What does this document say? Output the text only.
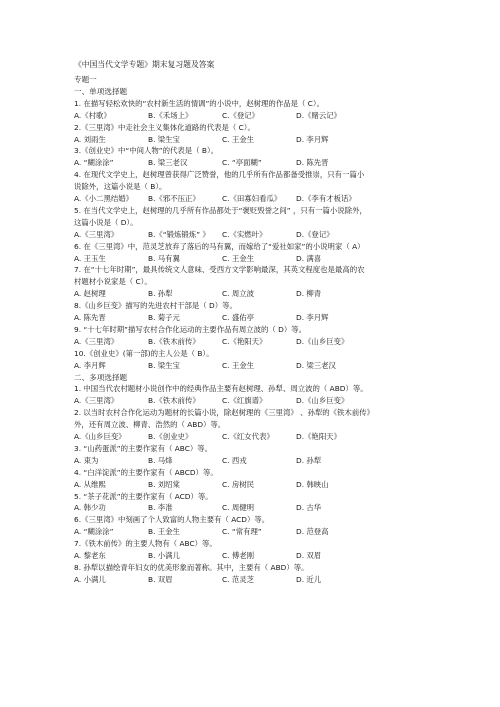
《中国当代文学专题》期末复习题及答案
专题一
一、单项选择题
1. 在描写轻松欢快的“农村新生活的情调”的小说中，赵树理的作品是（ C）。
A.《村歌》	B.《禾场上》	C.《登记》	D.《赌云记》
2.《三里湾》中走社会主义集体化道路的代表是（ C）。
A. 刘雨生	B. 梁生宝	C. 王金生	D. 李月辉
3.《创业史》中“中间人物”的代表是（ B）。
A. “糊涂涂”	B. 梁三老汉	C. “亭面糊”	D. 陈先晋
4. 在现代文学史上，赵树理曾获得广泛赞誉，他的几乎所有作品都备受推崇，只有一篇小
说除外，这篇小说是（ B）。
A.《小二黑结婚》 B.《邪不压正》	C.《田寡妇看瓜》 D.《李有才板话》
5. 在当代文学史上，赵树理的几乎所有作品都处于“褒贬毁誉之间” ，只有一篇小说除外，
这篇小说是（ D）。
A.《三里湾》	B.《“锻炼锻炼” 》 C.《实燃叶》	D.《登记》
6. 在《三里湾》中，范灵芝放弃了落后的马有翼，而嫁给了“爱社如家”的小说明家（ A）
A. 王玉生	B. 马有翼	C. 王金生	D. 满喜
7. 在“十七年时期”，最具传统文人意味、受西方文学影响最深，其英文程度也是最高的农
村题材小说家是（ C）。
A. 赵树理	B. 孙犁	C. 周立波	D. 柳青
8.《山乡巨变》描写的先进农村干部是（ D）等。
A. 陈先晋	B. 菊子元	C. 盛佑亭	D. 李月辉
9. “十七年时期”描写农村合作化运动的主要作品有周立波的（ D）等。
A.《三里湾》	B.《铁木前传》	C.《艳阳天》	D.《山乡巨变》
10.《创业史》(第一部)的主人公是（ B）。
A. 李月辉	B. 梁生宝	C. 王金生	D. 梁三老汉
二、多项选择题
1. 中国当代农村题材小说创作中的经典作品主要有赵树理、孙犁、周立波的（ ABD）等。
A.《三里湾》	B.《铁木前传》	C.《红旗谱》	D.《山乡巨变》
2. 以当时农村合作化运动为题材的长篇小说，除赵树理的《三里湾》 、孙犁的《铁木前传》
外，还有周立波、柳青、浩然的（ ABD）等。
A.《山乡巨变》	B.《创业史》	C.《红女代表》	D.《艳阳天》
3. “山药蛋派”的主要作家有（ ABC）等。
A. 束为	B. 马烽	C. 西戎	D. 孙犁
4. “白洋淀派”的主要作家有（ ABCD）等。
A. 从维熙	B. 刘绍棠	C. 房树民	D. 韩映山
5. “茶子花派”的主要作家有（ ACD）等。
A. 韩少功	B. 李准	C. 周健明	D. 古华
6.《三里湾》中刻画了个人致富的人物主要有（ ACD）等。
A. “糊涂涂”	B. 王金生	C. “常有理”	D. 范登高
7.《铁木前传》的主要人物有（ ABC）等。
A. 黎老东	B. 小满儿	C. 傅老刚	D. 双眉
8. 孙犁以描绘青年妇女的优美形象而著称。其中，主要有（ ABD）等。
A. 小满儿	B. 双眉	C. 范灵芝	D. 近儿
